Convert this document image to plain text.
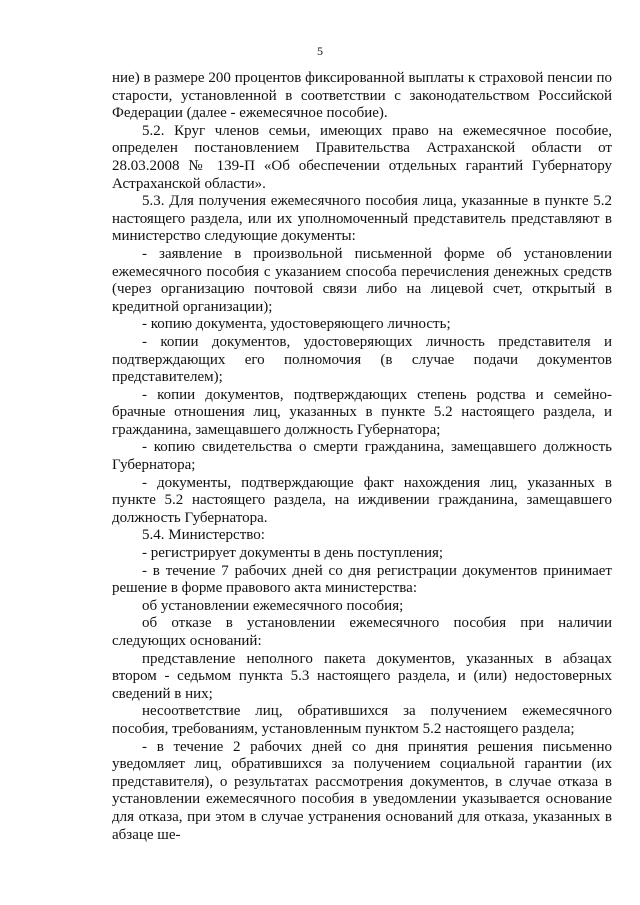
5

ние) в размере 200 процентов фиксированной выплаты к страховой пенсии по старости, установленной в соответствии с законодательством Российской Федерации (далее - ежемесячное пособие).

5.2. Круг членов семьи, имеющих право на ежемесячное пособие, определен постановлением Правительства Астраханской области от 28.03.2008 № 139-П «Об обеспечении отдельных гарантий Губернатору Астраханской области».

5.3. Для получения ежемесячного пособия лица, указанные в пункте 5.2 настоящего раздела, или их уполномоченный представитель представляют в министерство следующие документы:

- заявление в произвольной письменной форме об установлении ежемесячного пособия с указанием способа перечисления денежных средств (через организацию почтовой связи либо на лицевой счет, открытый в кредитной организации);

- копию документа, удостоверяющего личность;

- копии документов, удостоверяющих личность представителя и подтверждающих его полномочия (в случае подачи документов представителем);

- копии документов, подтверждающих степень родства и семейно-брачные отношения лиц, указанных в пункте 5.2 настоящего раздела, и гражданина, замещавшего должность Губернатора;

- копию свидетельства о смерти гражданина, замещавшего должность Губернатора;

- документы, подтверждающие факт нахождения лиц, указанных в пункте 5.2 настоящего раздела, на иждивении гражданина, замещавшего должность Губернатора.

5.4. Министерство:

- регистрирует документы в день поступления;

- в течение 7 рабочих дней со дня регистрации документов принимает решение в форме правового акта министерства:

об установлении ежемесячного пособия;

об отказе в установлении ежемесячного пособия при наличии следующих оснований:

представление неполного пакета документов, указанных в абзацах втором - седьмом пункта 5.3 настоящего раздела, и (или) недостоверных сведений в них;

несоответствие лиц, обратившихся за получением ежемесячного пособия, требованиям, установленным пунктом 5.2 настоящего раздела;

- в течение 2 рабочих дней со дня принятия решения письменно уведомляет лиц, обратившихся за получением социальной гарантии (их представителя), о результатах рассмотрения документов, в случае отказа в установлении ежемесячного пособия в уведомлении указывается основание для отказа, при этом в случае устранения оснований для отказа, указанных в абзаце ше-
